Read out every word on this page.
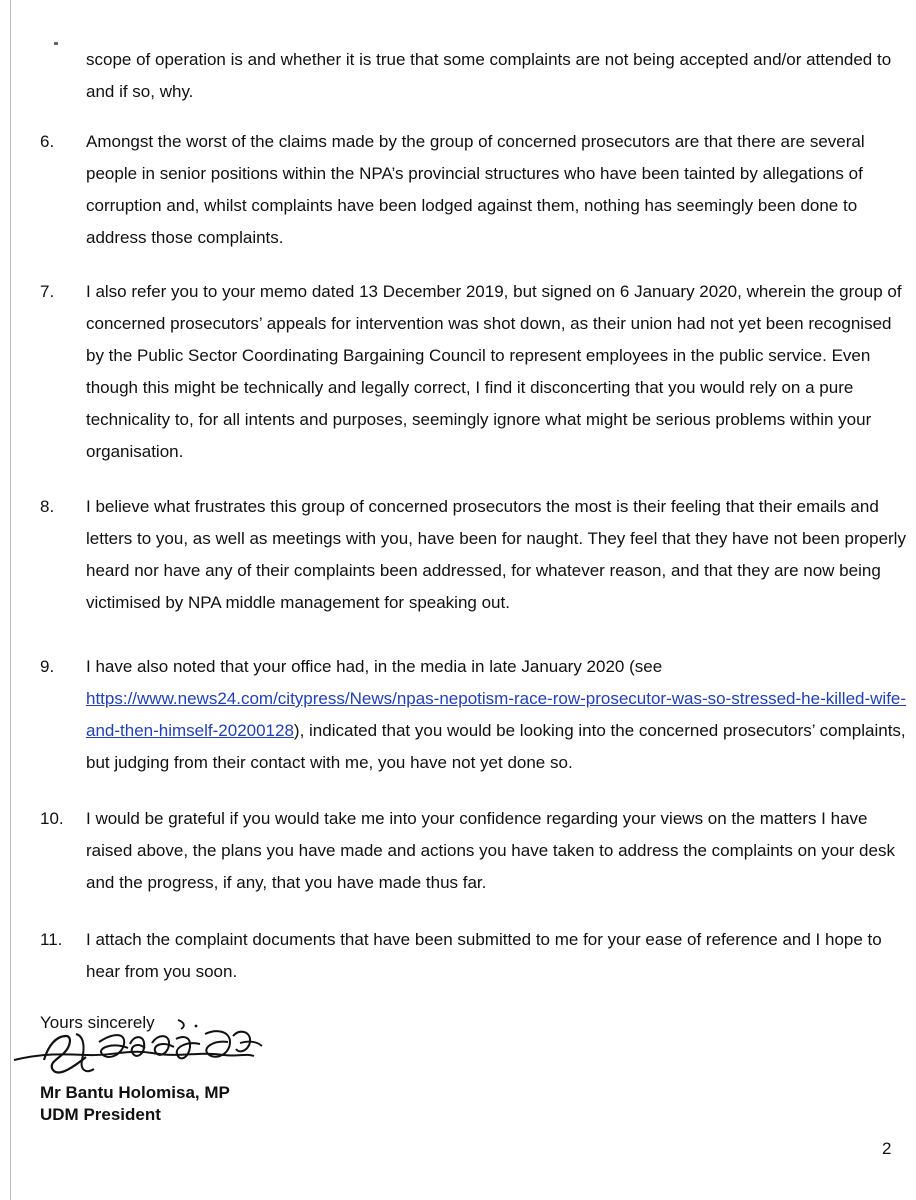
scope of operation is and whether it is true that some complaints are not being accepted and/or attended to and if so, why.
6.	Amongst the worst of the claims made by the group of concerned prosecutors are that there are several people in senior positions within the NPA’s provincial structures who have been tainted by allegations of corruption and, whilst complaints have been lodged against them, nothing has seemingly been done to address those complaints.
7.	I also refer you to your memo dated 13 December 2019, but signed on 6 January 2020, wherein the group of concerned prosecutors’ appeals for intervention was shot down, as their union had not yet been recognised by the Public Sector Coordinating Bargaining Council to represent employees in the public service. Even though this might be technically and legally correct, I find it disconcerting that you would rely on a pure technicality to, for all intents and purposes, seemingly ignore what might be serious problems within your organisation.
8.	I believe what frustrates this group of concerned prosecutors the most is their feeling that their emails and letters to you, as well as meetings with you, have been for naught. They feel that they have not been properly heard nor have any of their complaints been addressed, for whatever reason, and that they are now being victimised by NPA middle management for speaking out.
9.	I have also noted that your office had, in the media in late January 2020 (see https://www.news24.com/citypress/News/npas-nepotism-race-row-prosecutor-was-so-stressed-he-killed-wife-and-then-himself-20200128), indicated that you would be looking into the concerned prosecutors’ complaints, but judging from their contact with me, you have not yet done so.
10.	I would be grateful if you would take me into your confidence regarding your views on the matters I have raised above, the plans you have made and actions you have taken to address the complaints on your desk and the progress, if any, that you have made thus far.
11.	I attach the complaint documents that have been submitted to me for your ease of reference and I hope to hear from you soon.
Yours sincerely
Mr Bantu Holomisa, MP
UDM President
2
